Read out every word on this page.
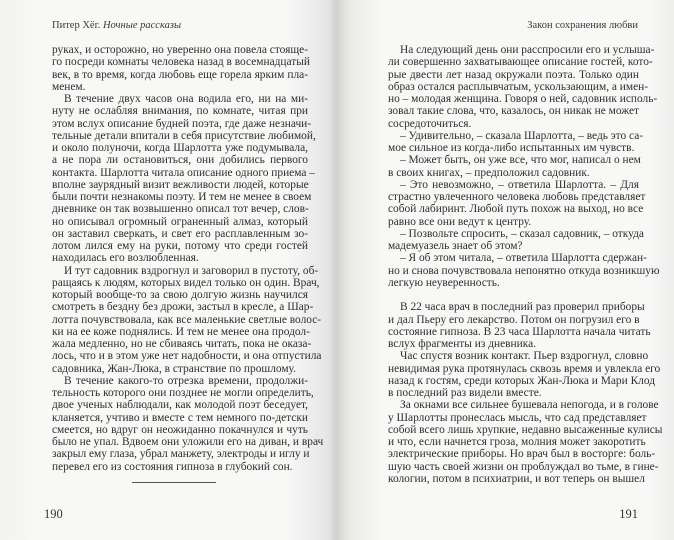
Питер Хёг. Ночные рассказы
руках, и осторожно, но уверенно она повела стояще-
го посреди комнаты человека назад в восемнадцатый
век, в то время, когда любовь еще горела ярким пла-
менем.
В течение двух часов она водила его, ни на ми-
нуту не ослабляя внимания, по комнате, читая при
этом вслух описание будней поэта, где даже незначи-
тельные детали впитали в себя присутствие любимой,
и около полуночи, когда Шарлотта уже подумывала,
а не пора ли остановиться, они добились первого
контакта. Шарлотта читала описание одного приема –
вполне заурядный визит вежливости людей, которые
были почти незнакомы поэту. И тем не менее в своем
дневнике он так возвышенно описал тот вечер, слов-
но описывал огромный ограненный алмаз, который
он заставил сверкать, и свет его расплавленным зо-
лотом лился ему на руки, потому что среди гостей
находилась его возлюбленная.
И тут садовник вздрогнул и заговорил в пустоту, об-
ращаясь к людям, которых видел только он один. Врач,
который вообще-то за свою долгую жизнь научился
смотреть в бездну без дрожи, застыл в кресле, а Шар-
лотта почувствовала, как все маленькие светлые волос-
ки на ее коже поднялись. И тем не менее она продол-
жала медленно, но не сбиваясь читать, пока не оказа-
лось, что и в этом уже нет надобности, и она отпустила
садовника, Жан-Люка, в странствие по прошлому.
В течение какого-то отрезка времени, продолжи-
тельность которого они позднее не могли определить,
двое ученых наблюдали, как молодой поэт беседует,
кланяется, учтиво и вместе с тем немного по-детски
смеется, но вдруг он неожиданно покачнулся и чуть
было не упал. Вдвоем они уложили его на диван, и врач
закрыл ему глаза, убрал манжету, электроды и иглу и
перевел его из состояния гипноза в глубокий сон.
190
Закон сохранения любви
На следующий день они расспросили его и услыша-
ли совершенно захватывающее описание гостей, кото-
рые двести лет назад окружали поэта. Только один
образ остался расплывчатым, ускользающим, а имен-
но – молодая женщина. Говоря о ней, садовник исполь-
зовал такие слова, что, казалось, он никак не может
сосредоточиться.
– Удивительно, – сказала Шарлотта, – ведь это са-
мое сильное из когда-либо испытанных им чувств.
– Может быть, он уже все, что мог, написал о нем
в своих книгах, – предположил садовник.
– Это невозможно, – ответила Шарлотта. – Для
страстно увлеченного человека любовь представляет
собой лабиринт. Любой путь похож на выход, но все
равно все они ведут к центру.
– Позвольте спросить, – сказал садовник, – откуда
мадемуазель знает об этом?
– Я об этом читала, – ответила Шарлотта сдержан-
но и снова почувствовала непонятно откуда возникшую
легкую неуверенность.
В 22 часа врач в последний раз проверил приборы
и дал Пьеру его лекарство. Потом он погрузил его в
состояние гипноза. В 23 часа Шарлотта начала читать
вслух фрагменты из дневника.
Час спустя возник контакт. Пьер вздрогнул, словно
невидимая рука протянулась сквозь время и увлекла его
назад к гостям, среди которых Жан-Люка и Мари Клод
в последний раз видели вместе.
За окнами все сильнее бушевала непогода, и в голове
у Шарлотты пронеслась мысль, что сад представляет
собой всего лишь хрупкие, недавно высаженные кулисы
и что, если начнется гроза, молния может закоротить
электрические приборы. Но врач был в восторге: боль-
шую часть своей жизни он проблуждал во тьме, в гине-
кологии, потом в психиатрии, и вот теперь он вышел
191
